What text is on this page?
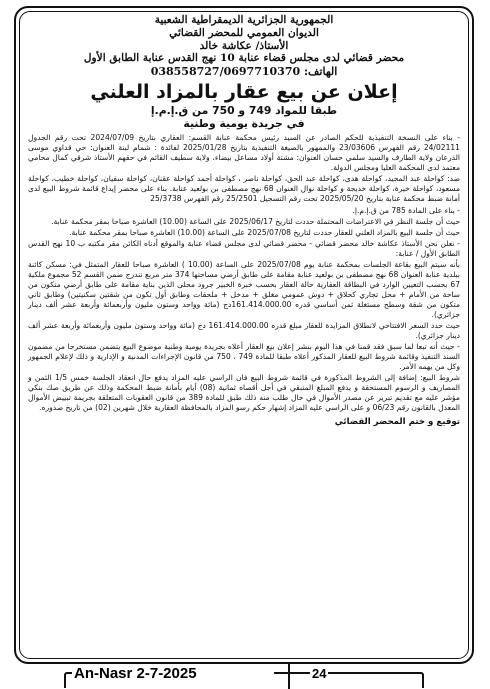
الجمهورية الجزائرية الديمقراطية الشعبية
الديوان العمومي للمحضر القضائي
الأستاذ/ عكاشة خالد
محضر قضائي لدى مجلس قضاء عنابة 10 نهج القدس عنابة الطابق الأول
الهاتف: 038558727/0697710370
إعلان عن بيع عقار بالمزاد العلني
طبقا للمواد 749 و 750 من ق.إ.م.إ
في جريدة يومية وطنية

- بناء على النسخة التنفيذية للحكم الصادر عن السيد رئيس محكمة عنابة القسم: العقاري بتاريخ 2024/07/09 تحت رقم الجدول 24/02111 رقم الفهرس 23/03606 والممهور بالصيغة التنفيذية بتاريخ 2025/01/28 لفائدة : شمام لبنة العنوان: حي قداوي موسى الذرعان ولاية الطارف والسيد سلمي حسان العنوان: مشتة أولاد مساعل بيضاء، ولاية سطيف القائم في حقهم الأستاذ شرقي كمال محامي معتمد لدى المحكمة العليا ومجلس الدولة.

ضد: كواحلة عبد المجيد، كواحلة هدى، كواحلة عبد الحق، كواحلة ناصر ، كواحلة أحمد كواحلة عقنان، كواحلة سفيان، كواحلة خطيب، كواحلة مسعود، كواحلة خيرة، كواحلة خديجة و كواحلة نوال العنوان 68 نهج مصطفى بن بولعيد عنابة. بناء على محضر إيداع قائمة شروط البيع لدى أمانة ضبط محكمة عنابة بتاريخ 2025/05/20 تحت رقم التسجيل 25/2501 رقم الفهرس 25/3738

- بناء على المادة 785 من ق.إ.م.إ.

حيث أن جلسة النظر في الاعتراضات المحتملة حددت لتاريخ 2025/06/17 على الساعة (10.00) العاشرة صباحا بمقر محكمة عنابة.

حيث أن جلسة البيع بالمزاد العلني للعقار حددت لتاريخ 2025/07/08 على الساعة (10.00) العاشرة صباحا بمقر محكمة عنابة.

- نعلن نحن الأستاذ عكاشة خالد محضر قضائي - محضر قضائي لدى مجلس قضاء عنابة والموقع أدناه الكائن مقر مكتبه ب 10 نهج القدس الطابق الأول / عنابة:

بأنه سيتم البيع بقاعة الجلسات بمحكمة عنابة يوم 2025/07/08 على الساعة (10.00 ) العاشرة صباحا للعقار المتمثل في: مسكن كائنة ببلدية عنابة العنوان 68 نهج مصطفى بن بولعيد عنابة مقامة على طابق أرضي مساحتها 374 متر مربع تندرج ضمن القسم 52 مجموع ملكية 67 بحسب التعيين الوارد في البطاقة العقارية حالة العقار بحسب خبرة الخبير جرود محلى الذين بناية مقامة على طابق أرضي متكون من ساحة من الأمام + محل تجاري كحلاق + دوش عمومي مغلق + مدخل + ملحقات وطابق أول تكون من شقتين سكنيتين) وطابق ثاني متكون من شقة وسطح مستغلة ثمن أساسي قدره 161.414.000.00دج (مائة وواحد وستون مليون وأربعمائة وأربعة عشر ألف دينار جزائري).

حيث حدد السعر الافتتاحي لانطلاق المزايدة للعقار مبلغ قدره 161.414.000.00 دج (مائة وواحد وستون مليون وأربعمائة وأربعة عشر ألف دينار جزائري).

- حيث أنه تبعا لما سبق فقد قمنا في هذا اليوم بنشر إعلان بيع العقار أعلاه بجريدة يومية وطنية موضوع البيع يتضمن مستخرجا من مضمون السند التنفيذ وقائمة شروط البيع للعقار المذكور أعلاه طبقا للمادة 749 ، 750 من قانون الإجراءات المدنية و الإدارية و ذلك لإعلام الجمهور وكل من يهمه الأمر.

شروط البيع: إضافة إلى الشروط المذكورة في قائمة شروط البيع فان الراسي عليه المزاد يدفع حال انعقاد الجلسة خمس 1/5 الثمن و المصاريف و الرسوم المستحقة و يدفع المبلغ المتبقي في أجل أقصاه ثمانية (08) أيام بأمانة ضبط المحكمة وذلك عن طريق صك بنكي مؤشر عليه مع تقديم تبرير عن مصدر الأموال في حال طلب منه ذلك طبق للمادة 389 من قانون العقوبات المتعلقة بجريمة تبييض الأموال المعدل بالقانون رقم 06/23 و على الراسي عليه المزاد إشهار حكم رسو المزاد بالمحافظة العقارية خلال شهرين (02) من تاريخ صدوره.

توقيع و ختم المحضر القضائي
An-Nasr 2-7-2025	24
